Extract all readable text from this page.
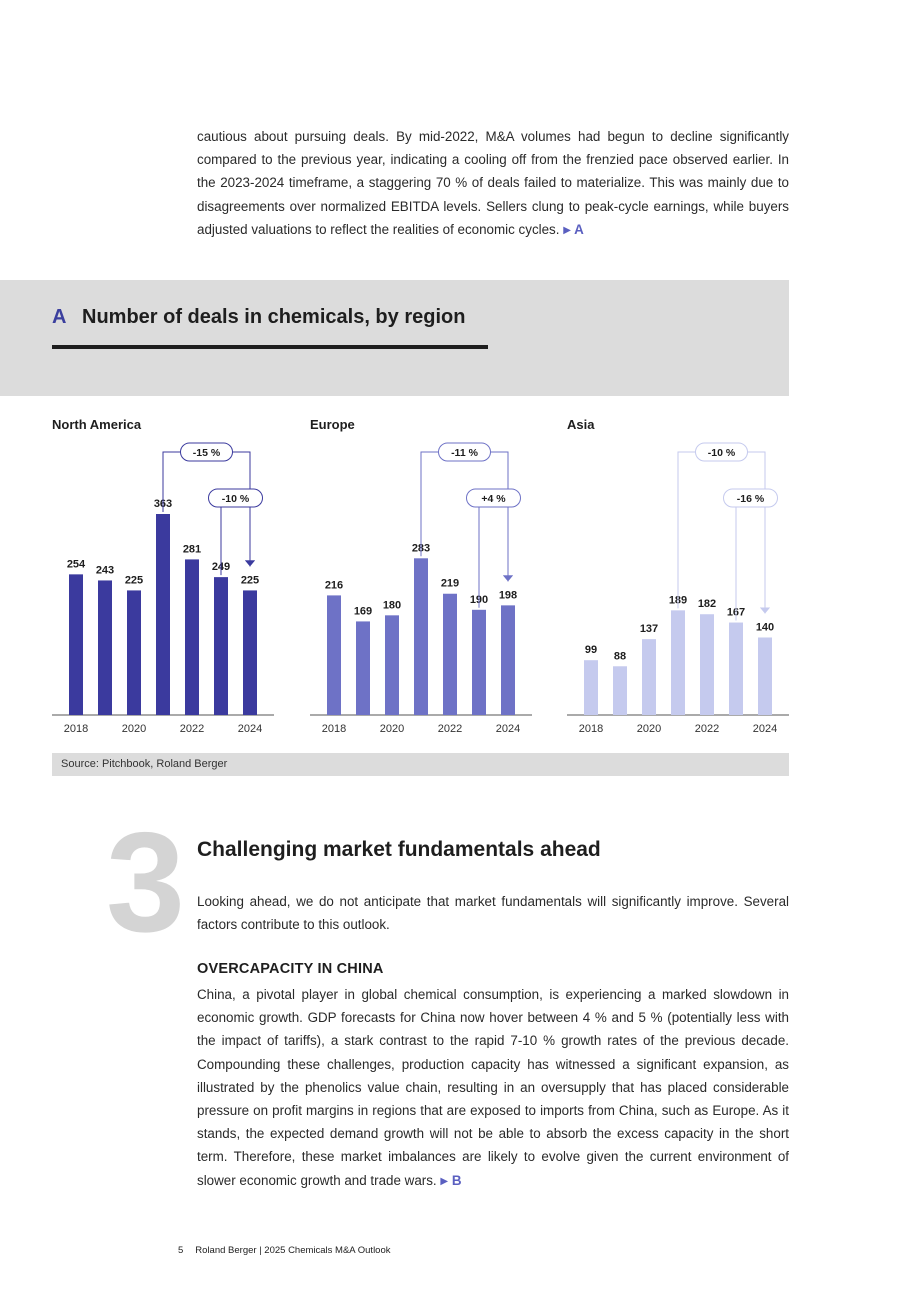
cautious about pursuing deals. By mid-2022, M&A volumes had begun to decline significantly compared to the previous year, indicating a cooling off from the frenzied pace observed earlier. In the 2023-2024 timeframe, a staggering 70 % of deals failed to materialize. This was mainly due to disagreements over normalized EBITDA levels. Sellers clung to peak-cycle earnings, while buyers adjusted valuations to reflect the realities of economic cycles. ▶ A

A Number of deals in chemicals, by region
North America
254
243
225
363
281
249
225
2018	2020	2022	2024
-15 %
-10 %
Europe
216
169
180
283
219
190 198
2018	2020	2022	2024
-11 %
+4 %
Asia
99
88
137
189 182
167
140
2018	2020	2022	2024
-10 %
-16 %
Source: Pitchbook, Roland Berger
3 Challenging market fundamentals ahead

Looking ahead, we do not anticipate that market fundamentals will significantly improve. Several factors contribute to this outlook.

OVERCAPACITY IN CHINA

China, a pivotal player in global chemical consumption, is experiencing a marked slowdown in economic growth. GDP forecasts for China now hover between 4 % and 5 % (potentially less with the impact of tariffs), a stark contrast to the rapid 7-10 % growth rates of the previous decade. Compounding these challenges, production capacity has witnessed a significant expansion, as illustrated by the phenolics value chain, resulting in an oversupply that has placed considerable pressure on profit margins in regions that are exposed to imports from China, such as Europe. As it stands, the expected demand growth will not be able to absorb the excess capacity in the short term. Therefore, these market imbalances are likely to evolve given the current environment of slower economic growth and trade wars. ▶ B

5 Roland Berger | 2025 Chemicals M&A Outlook
